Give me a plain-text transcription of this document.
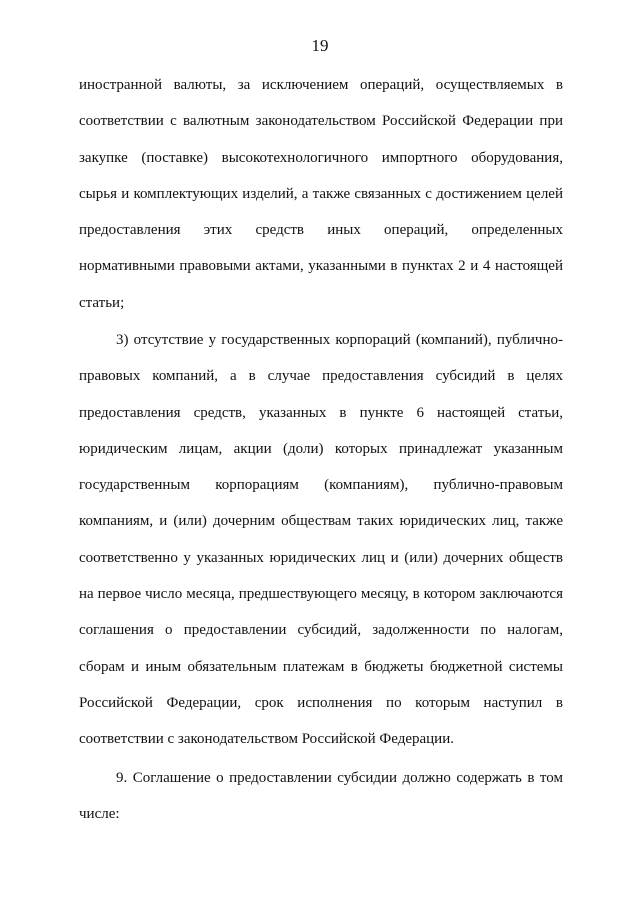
19

иностранной валюты, за исключением операций, осуществляемых в соответствии с валютным законодательством Российской Федерации при закупке (поставке) высокотехнологичного импортного оборудования, сырья и комплектующих изделий, а также связанных с достижением целей предоставления этих средств иных операций, определенных нормативными правовыми актами, указанными в пунктах 2 и 4 настоящей статьи;

3) отсутствие у государственных корпораций (компаний), публично-правовых компаний, а в случае предоставления субсидий в целях предоставления средств, указанных в пункте 6 настоящей статьи, юридическим лицам, акции (доли) которых принадлежат указанным государственным корпорациям (компаниям), публично-правовым компаниям, и (или) дочерним обществам таких юридических лиц, также соответственно у указанных юридических лиц и (или) дочерних обществ на первое число месяца, предшествующего месяцу, в котором заключаются соглашения о предоставлении субсидий, задолженности по налогам, сборам и иным обязательным платежам в бюджеты бюджетной системы Российской Федерации, срок исполнения по которым наступил в соответствии с законодательством Российской Федерации.

9. Соглашение о предоставлении субсидии должно содержать в том числе:
